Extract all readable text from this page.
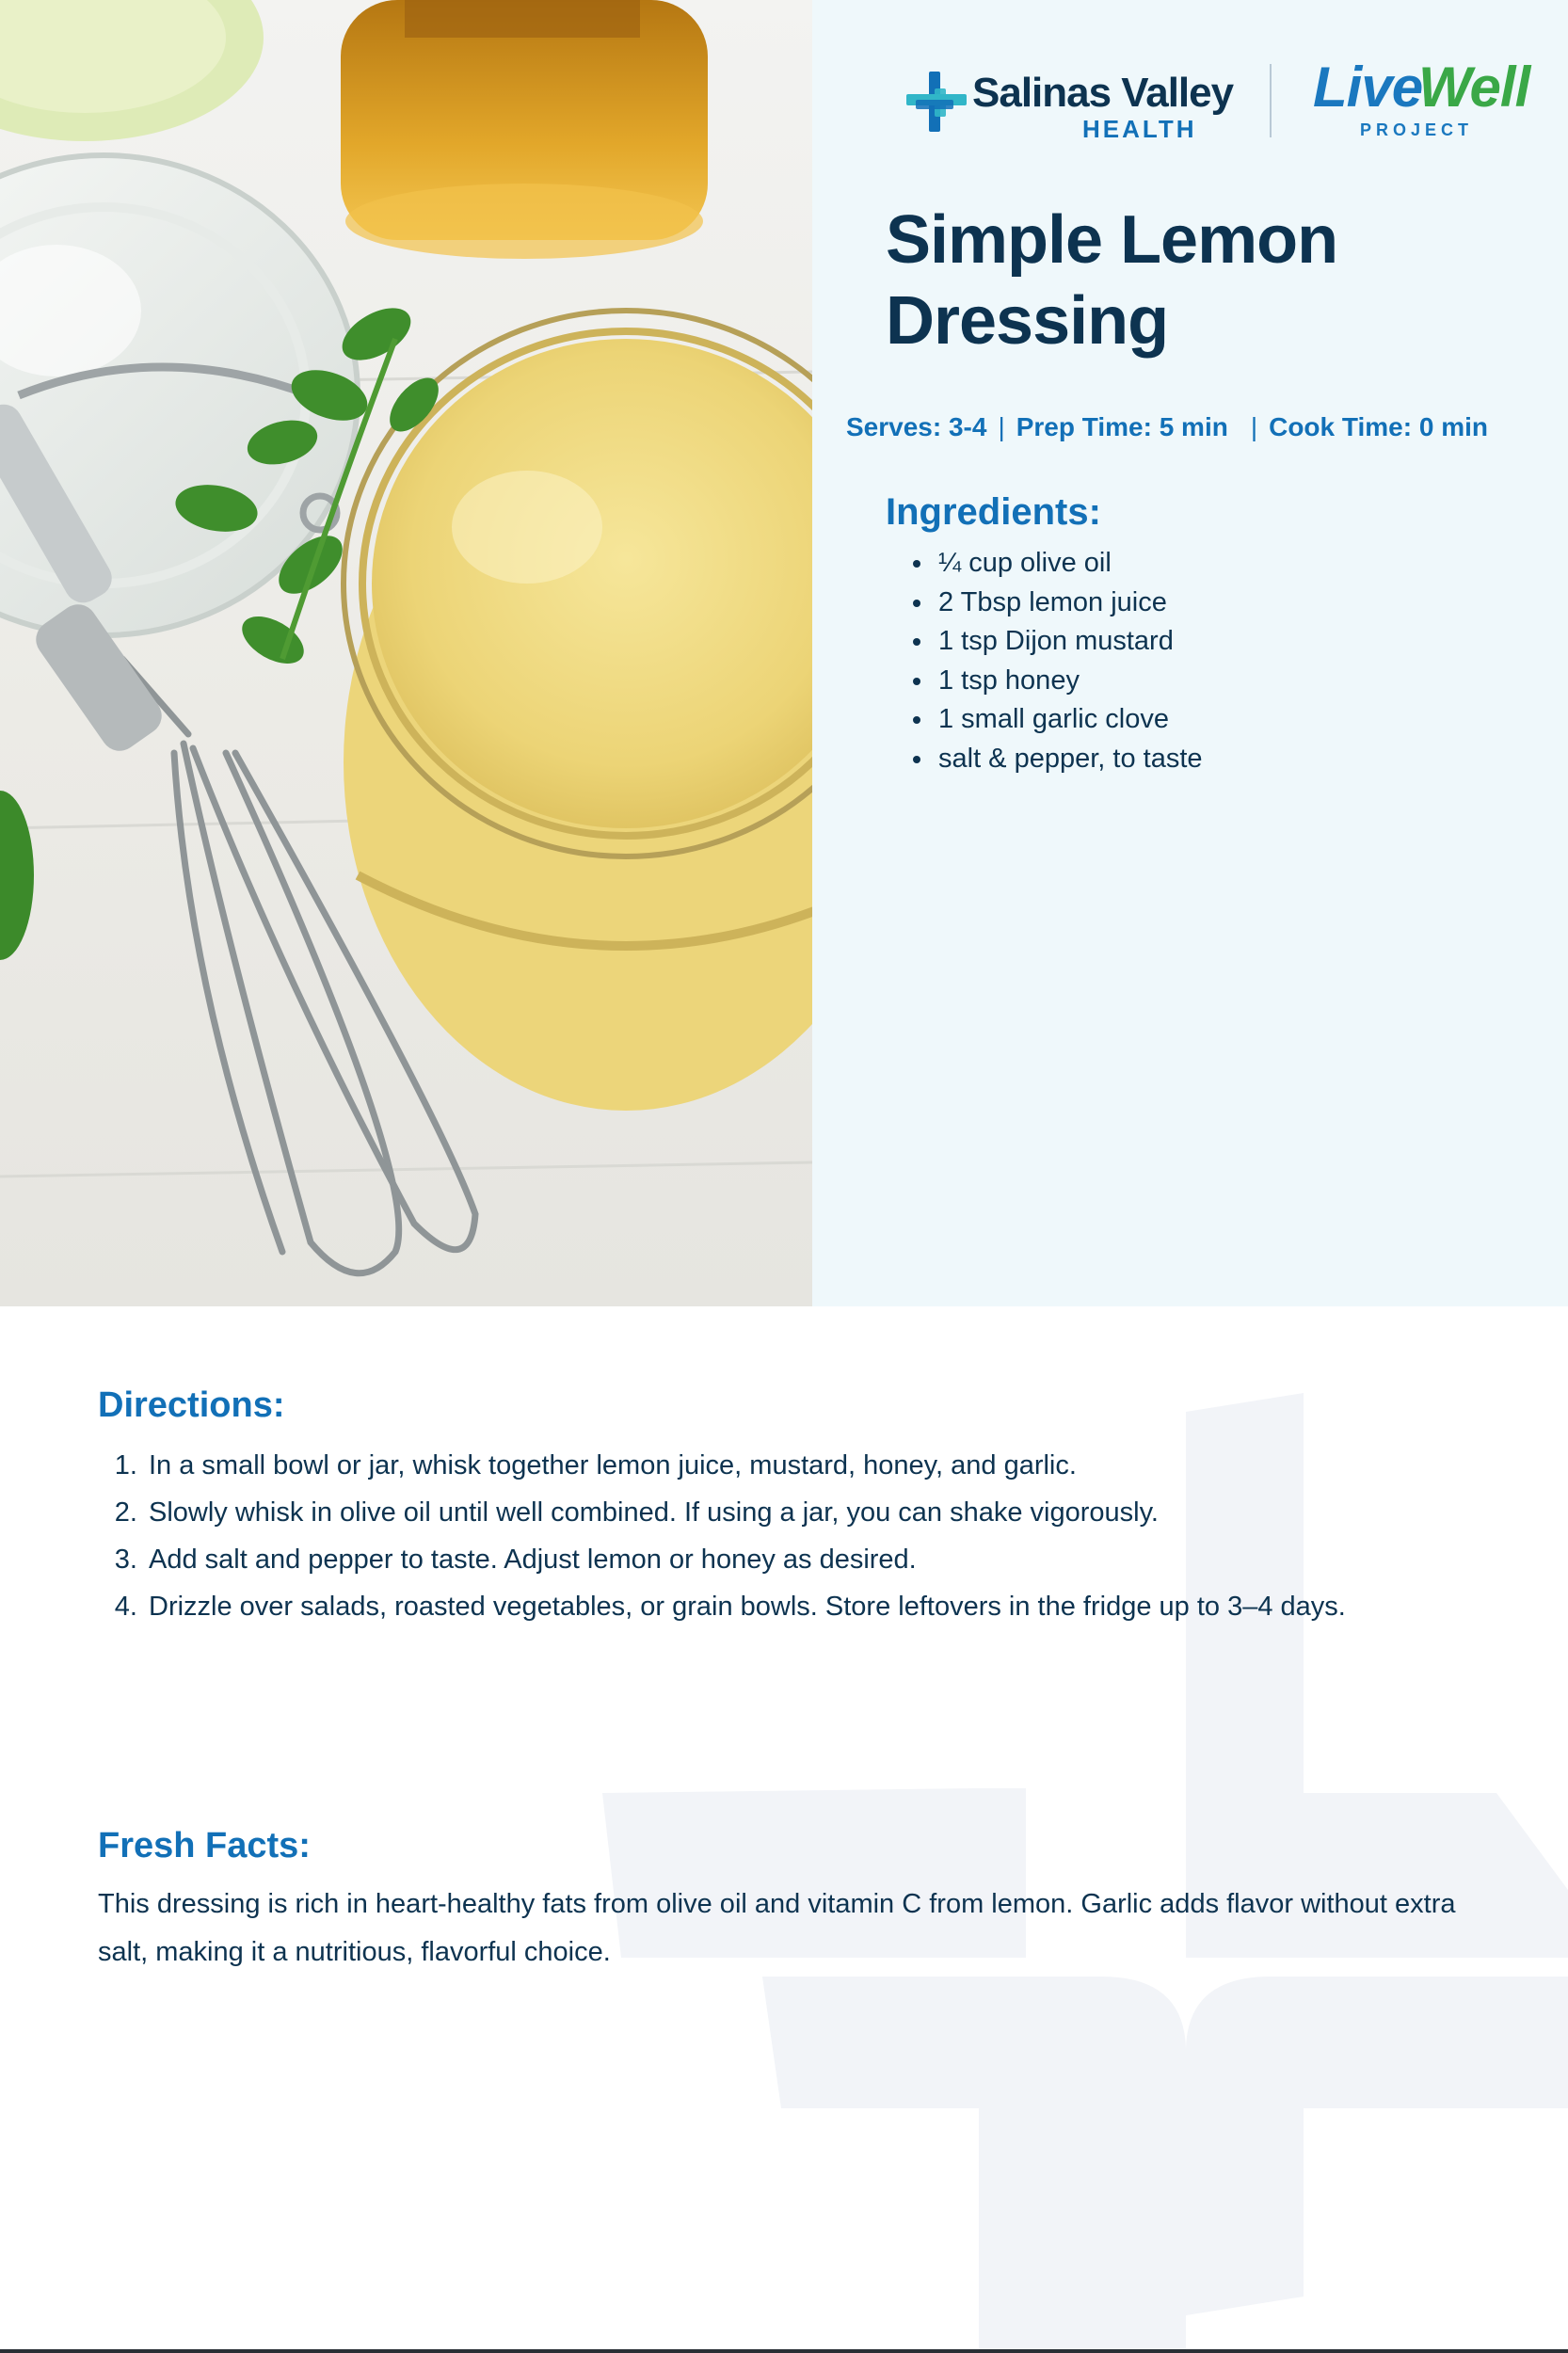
Salinas Valley
HEALTH
Live
Well
PROJECT
Simple Lemon
Dressing
Serves: 3-4 | Prep Time: 5 min | Cook Time: 0 min
Ingredients:
• ¼ cup olive oil
• 2 Tbsp lemon juice
• 1 tsp Dijon mustard
• 1 tsp honey
• 1 small garlic clove
• salt & pepper, to taste
Directions:
1. In a small bowl or jar, whisk together lemon juice, mustard, honey, and garlic.
2. Slowly whisk in olive oil until well combined. If using a jar, you can shake vigorously.
3. Add salt and pepper to taste. Adjust lemon or honey as desired.
4. Drizzle over salads, roasted vegetables, or grain bowls. Store leftovers in the fridge up to 3–4 days.
Fresh Facts:

This dressing is rich in heart-healthy fats from olive oil and vitamin C from lemon. Garlic adds flavor without extra salt, making it a nutritious, flavorful choice.
